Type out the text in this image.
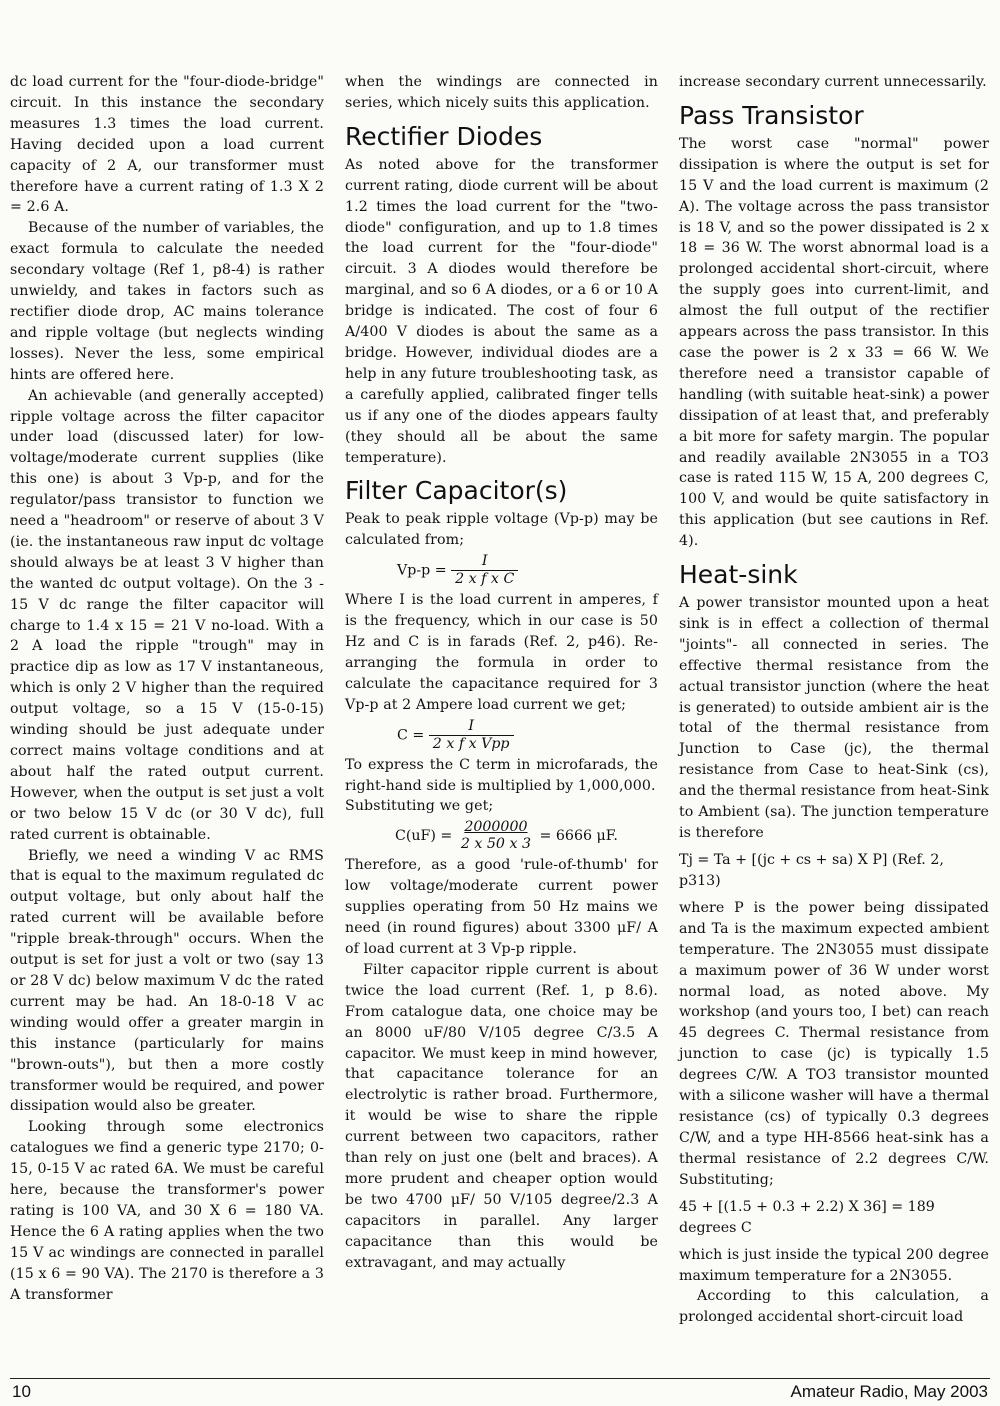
dc load current for the "four-diode-bridge" circuit. In this instance the secondary measures 1.3 times the load current. Having decided upon a load current capacity of 2 A, our transformer must therefore have a current rating of 1.3 X 2 = 2.6 A.

Because of the number of variables, the exact formula to calculate the needed secondary voltage (Ref 1, p8-4) is rather unwieldy, and takes in factors such as rectifier diode drop, AC mains tolerance and ripple voltage (but neglects winding losses). Never the less, some empirical hints are offered here.

An achievable (and generally accepted) ripple voltage across the filter capacitor under load (discussed later) for low-voltage/moderate current supplies (like this one) is about 3 Vp-p, and for the regulator/pass transistor to function we need a "headroom" or reserve of about 3 V (ie. the instantaneous raw input dc voltage should always be at least 3 V higher than the wanted dc output voltage). On the 3 - 15 V dc range the filter capacitor will charge to 1.4 x 15 = 21 V no-load. With a 2 A load the ripple "trough" may in practice dip as low as 17 V instantaneous, which is only 2 V higher than the required output voltage, so a 15 V (15-0-15) winding should be just adequate under correct mains voltage conditions and at about half the rated output current. However, when the output is set just a volt or two below 15 V dc (or 30 V dc), full rated current is obtainable.

Briefly, we need a winding V ac RMS that is equal to the maximum regulated dc output voltage, but only about half the rated current will be available before "ripple break-through" occurs. When the output is set for just a volt or two (say 13 or 28 V dc) below maximum V dc the rated current may be had. An 18-0-18 V ac winding would offer a greater margin in this instance (particularly for mains "brown-outs"), but then a more costly transformer would be required, and power dissipation would also be greater.

Looking through some electronics catalogues we find a generic type 2170; 0-15, 0-15 V ac rated 6A. We must be careful here, because the transformer's power rating is 100 VA, and 30 X 6 = 180 VA. Hence the 6 A rating applies when the two 15 V ac windings are connected in parallel (15 x 6 = 90 VA). The 2170 is therefore a 3 A transformer

when the windings are connected in series, which nicely suits this application.

Rectifier Diodes

As noted above for the transformer current rating, diode current will be about 1.2 times the load current for the "two-diode" configuration, and up to 1.8 times the load current for the "four-diode" circuit. 3 A diodes would therefore be marginal, and so 6 A diodes, or a 6 or 10 A bridge is indicated. The cost of four 6 A/400 V diodes is about the same as a bridge. However, individual diodes are a help in any future troubleshooting task, as a carefully applied, calibrated finger tells us if any one of the diodes appears faulty (they should all be about the same temperature).

Filter Capacitor(s)

Peak to peak ripple voltage (Vp-p) may be calculated from;

$Vp-p = \frac{I}{\text{2 x f x C}}$

Where I is the load current in amperes, f is the frequency, which in our case is 50 Hz and C is in farads (Ref. 2, p46). Re-arranging the formula in order to calculate the capacitance required for 3 Vp-p at 2 Ampere load current we get;

$C = \frac{I}{\text{2 x f x Vpp}}$

To express the C term in microfarads, the right-hand side is multiplied by 1,000,000.

Substituting we get;

$C(uF) = \frac{2000000}{2 x 50 x 3} = 6666$ μF.

Therefore, as a good 'rule-of-thumb' for low voltage/moderate current power supplies operating from 50 Hz mains we need (in round figures) about 3300 μF/ A of load current at 3 Vp-p ripple.

Filter capacitor ripple current is about twice the load current (Ref. 1, p 8.6). From catalogue data, one choice may be an 8000 uF/80 V/105 degree C/3.5 A capacitor. We must keep in mind however, that capacitance tolerance for an electrolytic is rather broad. Furthermore, it would be wise to share the ripple current between two capacitors, rather than rely on just one (belt and braces). A more prudent and cheaper option would be two 4700 μF/ 50 V/105 degree/2.3 A capacitors in parallel. Any larger capacitance than this would be extravagant, and may actually

increase secondary current unnecessarily.

Pass Transistor

The worst case "normal" power dissipation is where the output is set for 15 V and the load current is maximum (2 A). The voltage across the pass transistor is 18 V, and so the power dissipated is 2 x 18 = 36 W. The worst abnormal load is a prolonged accidental short-circuit, where the supply goes into current-limit, and almost the full output of the rectifier appears across the pass transistor. In this case the power is 2 x 33 = 66 W. We therefore need a transistor capable of handling (with suitable heat-sink) a power dissipation of at least that, and preferably a bit more for safety margin. The popular and readily available 2N3055 in a TO3 case is rated 115 W, 15 A, 200 degrees C, 100 V, and would be quite satisfactory in this application (but see cautions in Ref. 4).

Heat-sink

A power transistor mounted upon a heat sink is in effect a collection of thermal "joints"- all connected in series. The effective thermal resistance from the actual transistor junction (where the heat is generated) to outside ambient air is the total of the thermal resistance from Junction to Case (jc), the thermal resistance from Case to heat-Sink (cs), and the thermal resistance from heat-Sink to Ambient (sa). The junction temperature is therefore

Tj = Ta + [(jc + cs + sa) X P] (Ref. 2, p313)

where P is the power being dissipated and Ta is the maximum expected ambient temperature. The 2N3055 must dissipate a maximum power of 36 W under worst normal load, as noted above. My workshop (and yours too, I bet) can reach 45 degrees C. Thermal resistance from junction to case (jc) is typically 1.5 degrees C/W. A TO3 transistor mounted with a silicone washer will have a thermal resistance (cs) of typically 0.3 degrees C/W, and a type HH-8566 heat-sink has a thermal resistance of 2.2 degrees C/W. Substituting;

45 + [(1.5 + 0.3 + 2.2) X 36] = 189 degrees C

which is just inside the typical 200 degree maximum temperature for a 2N3055.

According to this calculation, a prolonged accidental short-circuit load

10	Amateur Radio, May 2003
